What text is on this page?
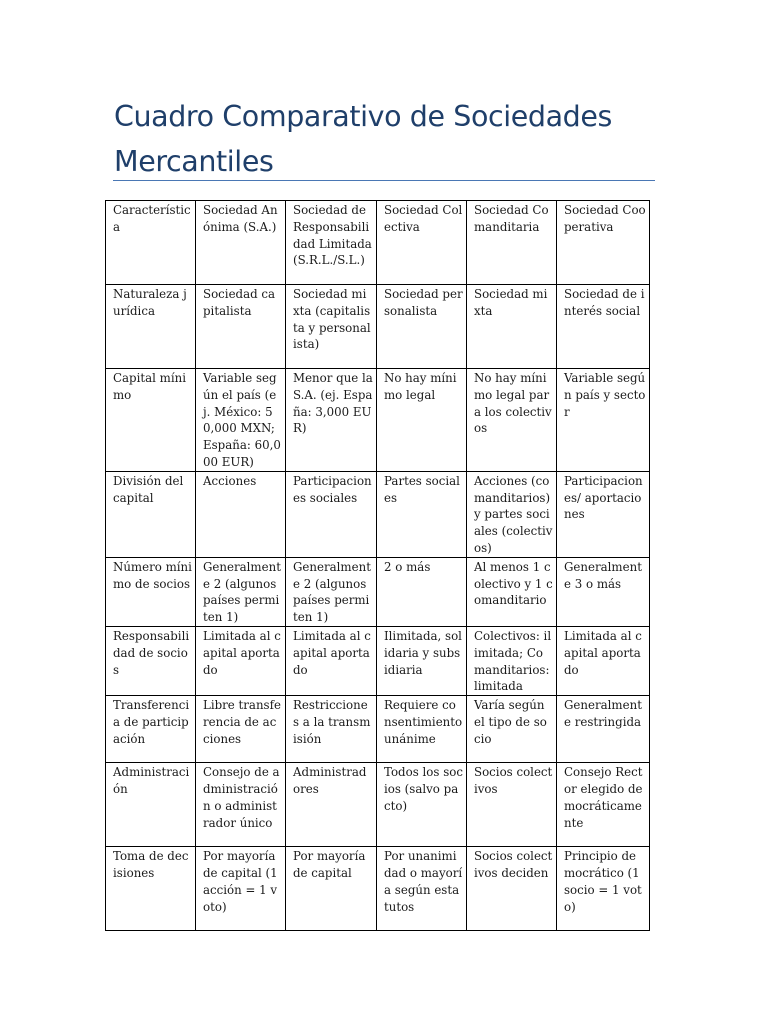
Cuadro Comparativo de Sociedades Mercantiles
Característica	Sociedad Anónima (S.A.)	Sociedad de Responsabilidad Limitada (S.R.L./S.L.)	Sociedad Colectiva	Sociedad Comanditaria	Sociedad Cooperativa
Naturaleza jurídica	Sociedad capitalista	Sociedad mixta (capitalista y personalista)	Sociedad personalista	Sociedad mixta	Sociedad de interés social
Capital mínimo	Variable según el país (ej. México: 50,000 MXN; España: 60,000 EUR)	Menor que la S.A. (ej. España: 3,000 EUR)	No hay mínimo legal	No hay mínimo legal para los colectivos	Variable según país y sector
División del capital	Acciones	Participaciones sociales	Partes sociales	Acciones (comanditarios) y partes sociales (colectivos)	Participaciones/ aportaciones
Número mínimo de socios	Generalmente 2 (algunos países permiten 1)	Generalmente 2 (algunos países permiten 1)	2 o más	Al menos 1 colectivo y 1 comanditario	Generalmente 3 o más
Responsabilidad de socios	Limitada al capital aportado	Limitada al capital aportado	Ilimitada, solidaria y subsidiaria	Colectivos: ilimitada; Comanditarios: limitada	Limitada al capital aportado
Transferencia de participación	Libre transferencia de acciones	Restricciones a la transmisión	Requiere consentimiento unánime	Varía según el tipo de socio	Generalmente restringida
Administración	Consejo de administración o administrador único	Administradores	Todos los socios (salvo pacto)	Socios colectivos	Consejo Rector elegido democráticamente
Toma de decisiones	Por mayoría de capital (1 acción = 1 voto)	Por mayoría de capital	Por unanimidad o mayoría según estatutos	Socios colectivos deciden	Principio democrático (1 socio = 1 voto)
